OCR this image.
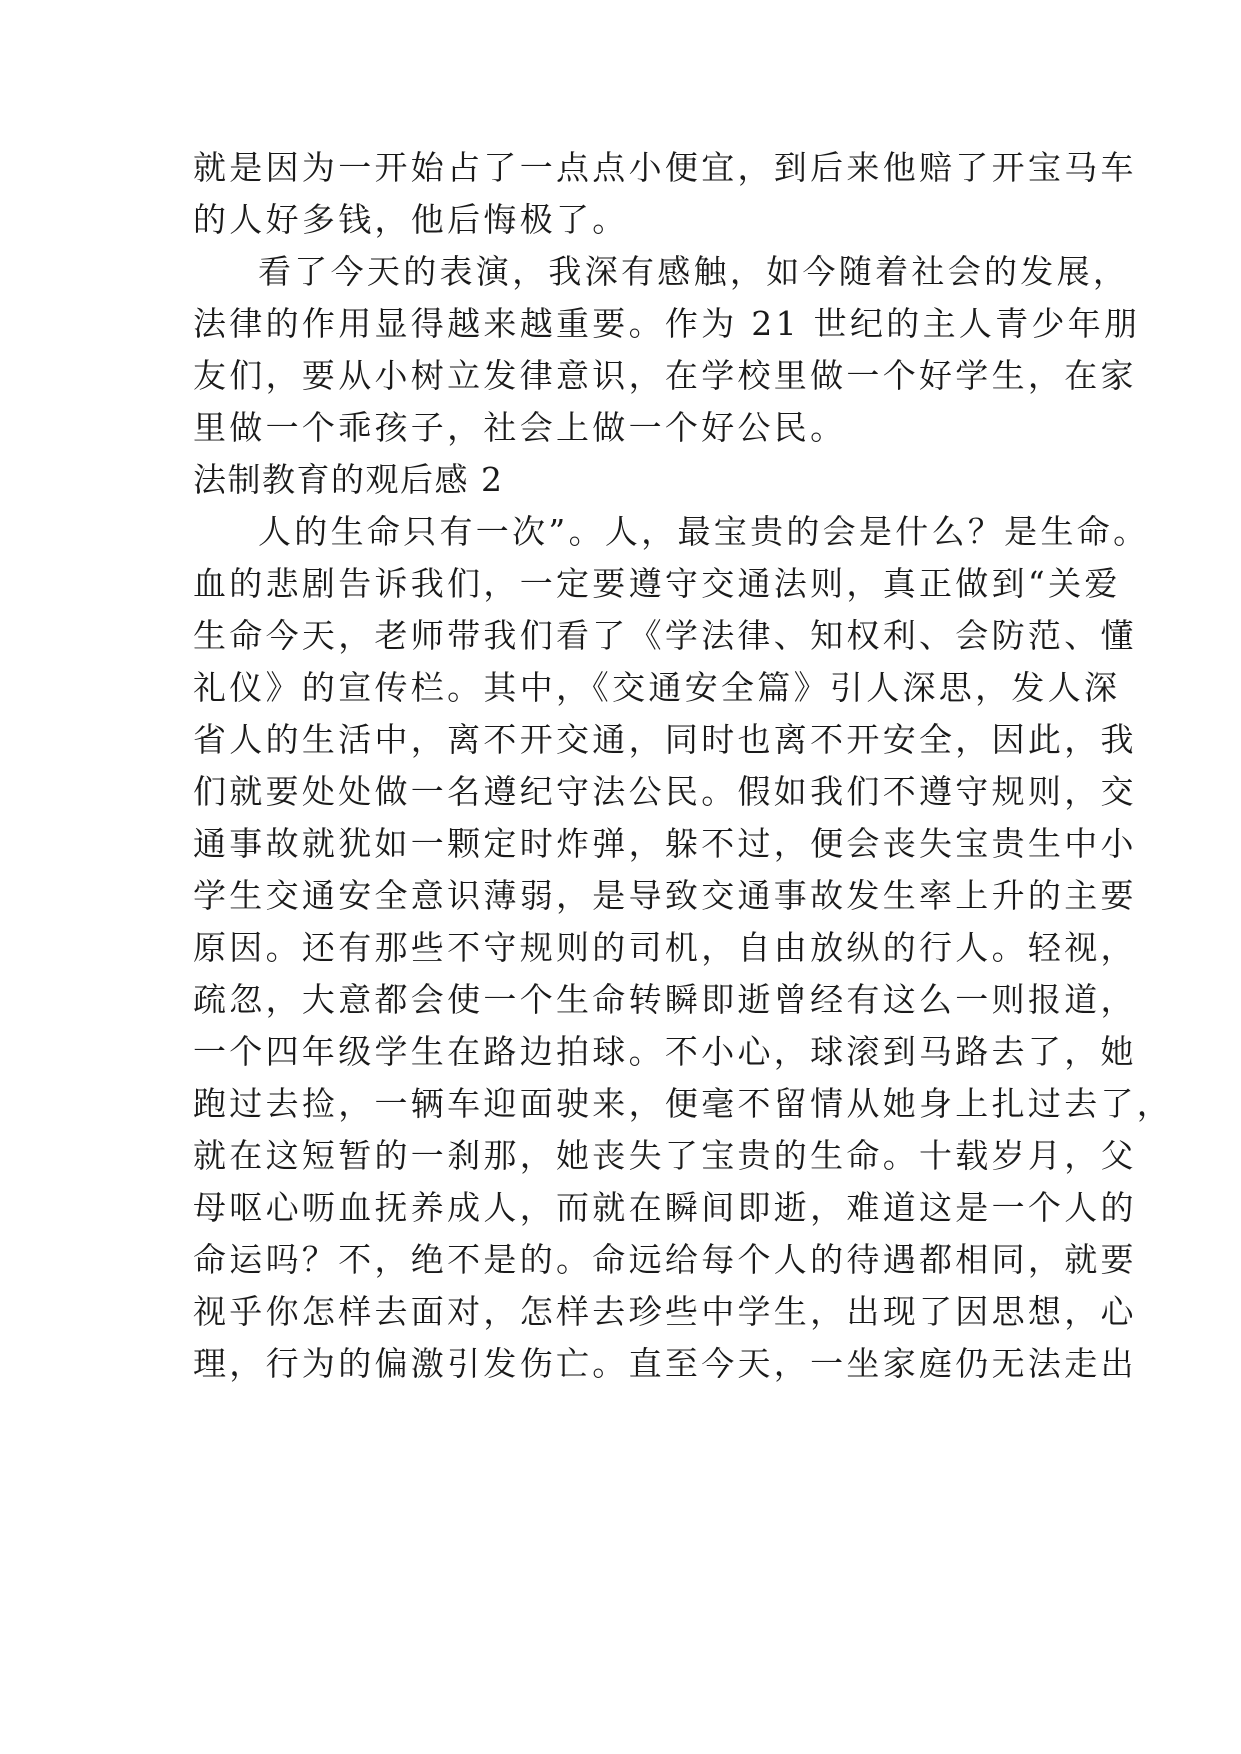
就是因为一开始占了一点点小便宜，到后来他赔了开宝马车
的人好多钱，他后悔极了。
看了今天的表演，我深有感触，如今随着社会的发展，
法律的作用显得越来越重要。作为 21 世纪的主人青少年朋
友们，要从小树立发律意识，在学校里做一个好学生，在家
里做一个乖孩子，社会上做一个好公民。
法制教育的观后感 2
人的生命只有一次”。人，最宝贵的会是什么？是生命。
血的悲剧告诉我们，一定要遵守交通法则，真正做到“关爱
生命今天，老师带我们看了《学法律、知权利、会防范、懂
礼仪》的宣传栏。其中，《交通安全篇》引人深思，发人深
省人的生活中，离不开交通，同时也离不开安全，因此，我
们就要处处做一名遵纪守法公民。假如我们不遵守规则，交
通事故就犹如一颗定时炸弹，躲不过，便会丧失宝贵生中小
学生交通安全意识薄弱，是导致交通事故发生率上升的主要
原因。还有那些不守规则的司机，自由放纵的行人。轻视，
疏忽，大意都会使一个生命转瞬即逝曾经有这么一则报道，
一个四年级学生在路边拍球。不小心，球滚到马路去了，她
跑过去捡，一辆车迎面驶来，便毫不留情从她身上扎过去了，
就在这短暂的一刹那，她丧失了宝贵的生命。十载岁月，父
母呕心呖血抚养成人，而就在瞬间即逝，难道这是一个人的
命运吗？不，绝不是的。命远给每个人的待遇都相同，就要
视乎你怎样去面对，怎样去珍些中学生，出现了因思想，心
理，行为的偏激引发伤亡。直至今天，一坐家庭仍无法走出
